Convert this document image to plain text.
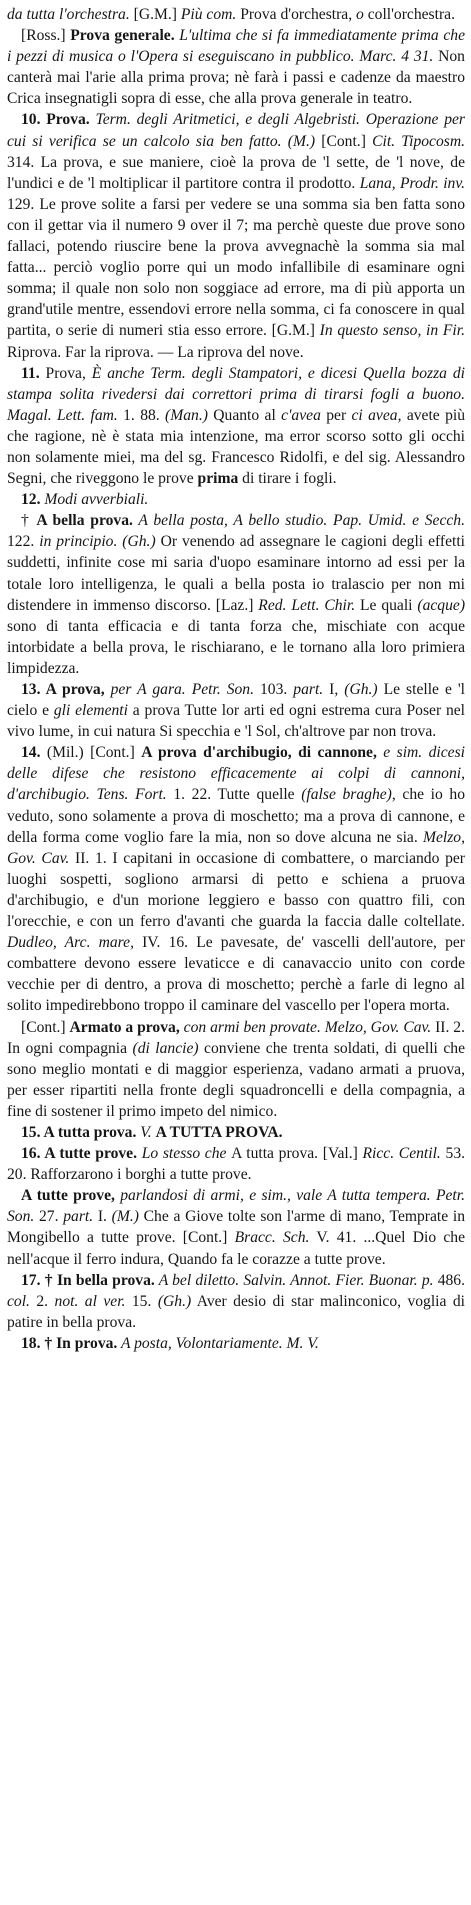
da tutta l'orchestra. [G.M.] Più com. Prova d'orchestra, o coll'orchestra.

[Ross.] Prova generale. L'ultima che si fa immediatamente prima che i pezzi di musica o l'Opera si eseguiscano in pubblico. Marc. 4 31. Non canterà mai l'arie alla prima prova; nè farà i passi e cadenze da maestro Crica insegnatigli sopra di esse, che alla prova generale in teatro.

10. Prova. Term. degli Aritmetici, e degli Algebristi. Operazione per cui si verifica se un calcolo sia ben fatto. (M.) [Cont.] Cit. Tipocosm. 314. La prova, e sue maniere, cioè la prova de 'l sette, de 'l nove, de l'undici e de 'l moltiplicar il partitore contra il prodotto. Lana, Prodr. inv. 129. Le prove solite a farsi per vedere se una somma sia ben fatta sono con il gettar via il numero 9 over il 7; ma perchè queste due prove sono fallaci, potendo riuscire bene la prova avvegnachè la somma sia mal fatta... perciò voglio porre qui un modo infallibile di esaminare ogni somma; il quale non solo non soggiace ad errore, ma di più apporta un grand'utile mentre, essendovi errore nella somma, ci fa conoscere in qual partita, o serie di numeri stia esso errore. [G.M.] In questo senso, in Fir. Riprova. Far la riprova. — La riprova del nove.

11. Prova, È anche Term. degli Stampatori, e dicesi Quella bozza di stampa solita rivedersi dai correttori prima di tirarsi fogli a buono. Magal. Lett. fam. 1. 88. (Man.) Quanto al c'avea per ci avea, avete più che ragione, nè è stata mia intenzione, ma error scorso sotto gli occhi non solamente miei, ma del sg. Francesco Ridolfi, e del sig. Alessandro Segni, che riveggono le prove prima di tirare i fogli.

12. Modi avverbiali.

† A bella prova. A bella posta, A bello studio. Pap. Umid. e Secch. 122. in principio. (Gh.) Or venendo ad assegnare le cagioni degli effetti suddetti, infinite cose mi saria d'uopo esaminare intorno ad essi per la totale loro intelligenza, le quali a bella posta io tralascio per non mi distendere in immenso discorso. [Laz.] Red. Lett. Chir. Le quali (acque) sono di tanta efficacia e di tanta forza che, mischiate con acque intorbidate a bella prova, le rischiarano, e le tornano alla loro primiera limpidezza.

13. A prova, per A gara. Petr. Son. 103. part. I, (Gh.) Le stelle e 'l cielo e gli elementi a prova Tutte lor arti ed ogni estrema cura Poser nel vivo lume, in cui natura Si specchia e 'l Sol, ch'altrove par non trova.

14. (Mil.) [Cont.] A prova d'archibugio, di cannone, e sim. dicesi delle difese che resistono efficacemente ai colpi di cannoni, d'archibugio. Tens. Fort. 1. 22. Tutte quelle (false braghe), che io ho veduto, sono solamente a prova di moschetto; ma a prova di cannone, e della forma come voglio fare la mia, non so dove alcuna ne sia. Melzo, Gov. Cav. II. 1. I capitani in occasione di combattere, o marciando per luoghi sospetti, sogliono armarsi di petto e schiena a pruova d'archibugio, e d'un morione leggiero e basso con quattro fili, con l'orecchie, e con un ferro d'avanti che guarda la faccia dalle coltellate. Dudleo, Arc. mare, IV. 16. Le pavesate, de' vascelli dell'autore, per combattere devono essere levaticce e di canavaccio unito con corde vecchie per di dentro, a prova di moschetto; perchè a farle di legno al solito impedirebbono troppo il caminare del vascello per l'opera morta.

[Cont.] Armato a prova, con armi ben provate. Melzo, Gov. Cav. II. 2. In ogni compagnia (di lancie) conviene che trenta soldati, di quelli che sono meglio montati e di maggior esperienza, vadano armati a pruova, per esser ripartiti nella fronte degli squadroncelli e della compagnia, a fine di sostener il primo impeto del nimico.

15. A tutta prova. V. A TUTTA PROVA.

16. A tutte prove. Lo stesso che A tutta prova. [Val.] Ricc. Centil. 53. 20. Rafforzarono i borghi a tutte prove.

A tutte prove, parlandosi di armi, e sim., vale A tutta tempera. Petr. Son. 27. part. I. (M.) Che a Giove tolte son l'arme di mano, Temprate in Mongibello a tutte prove. [Cont.] Bracc. Sch. V. 41. ...Quel Dio che nell'acque il ferro indura, Quando fa le corazze a tutte prove.

17. † In bella prova. A bel diletto. Salvin. Annot. Fier. Buonar. p. 486. col. 2. not. al ver. 15. (Gh.) Aver desio di star malinconico, voglia di patire in bella prova.

18. † In prova. A posta, Volontariamente. M. V.
